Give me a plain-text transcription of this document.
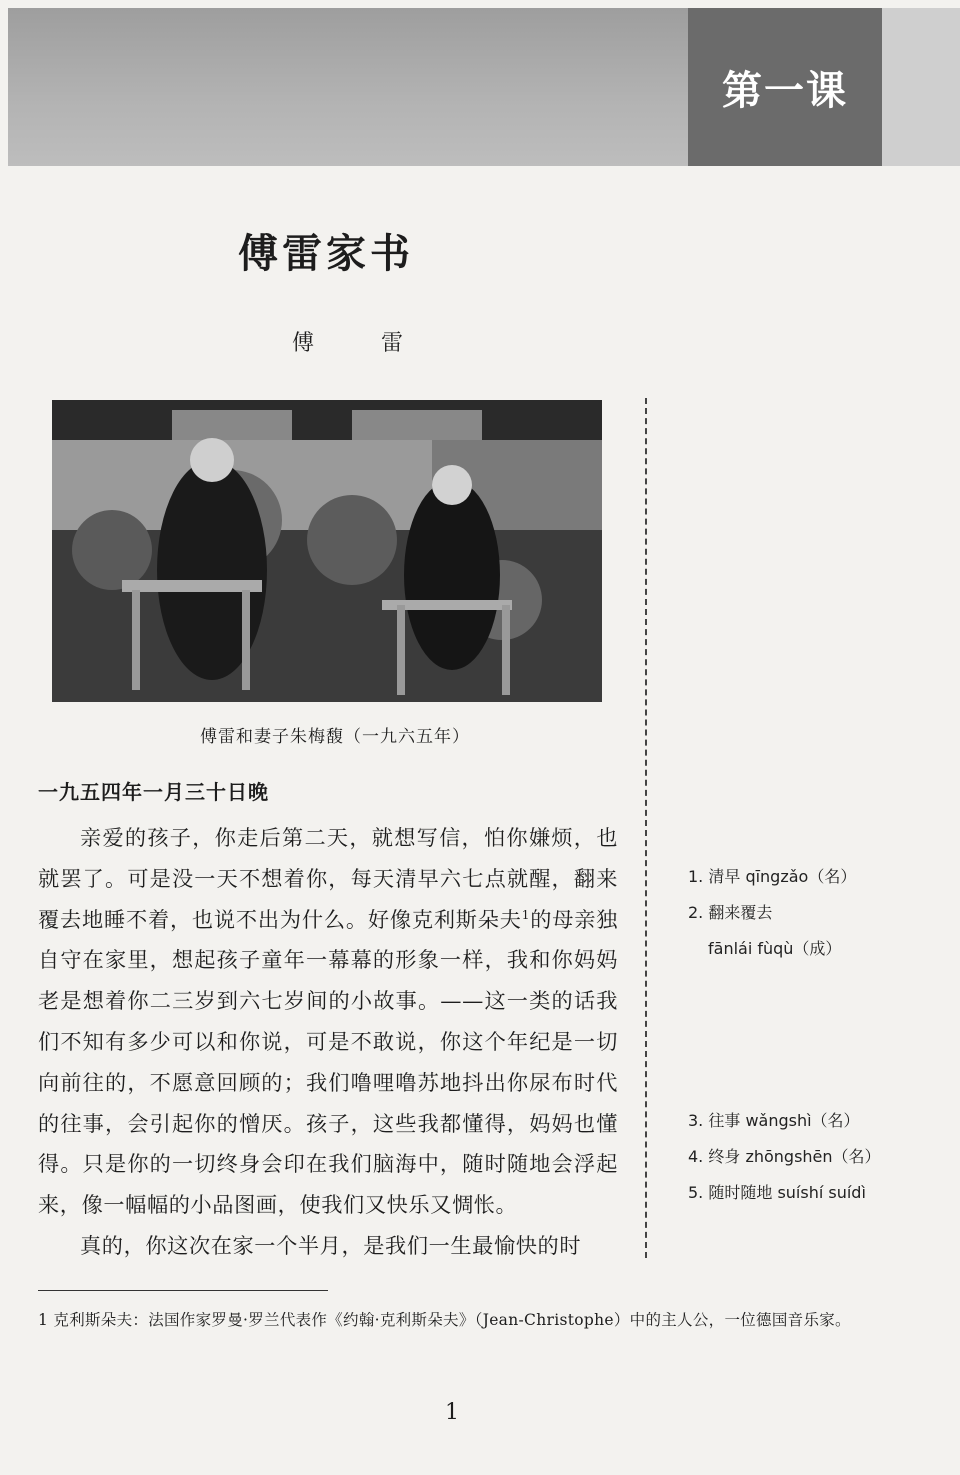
第一课
傅雷家书
傅 雷
傅雷和妻子朱梅馥（一九六五年）
一九五四年一月三十日晚

亲爱的孩子，你走后第二天，就想写信，怕你嫌烦，也就罢了。可是没一天不想着你，每天清早六七点就醒，翻来覆去地睡不着，也说不出为什么。好像克利斯朵夫$^1$的母亲独自守在家里，想起孩子童年一幕幕的形象一样，我和你妈妈老是想着你二三岁到六七岁间的小故事。——这一类的话我们不知有多少可以和你说，可是不敢说，你这个年纪是一切向前往的，不愿意回顾的；我们噜哩噜苏地抖出你尿布时代的往事，会引起你的憎厌。孩子，这些我都懂得，妈妈也懂得。只是你的一切终身会印在我们脑海中，随时随地会浮起来，像一幅幅的小品图画，使我们又快乐又惆怅。

真的，你这次在家一个半月，是我们一生最愉快的时

1. 清早 qīngzǎo（名）
2. 翻来覆去
fānlái fùqù（成）
3. 往事 wǎngshì（名）
4. 终身 zhōngshēn（名）
5. 随时随地 suíshí suídì
1 克利斯朵夫：法国作家罗曼·罗兰代表作《约翰·克利斯朵夫》（Jean-Christophe）中的主人公，一位德国音乐家。
1
